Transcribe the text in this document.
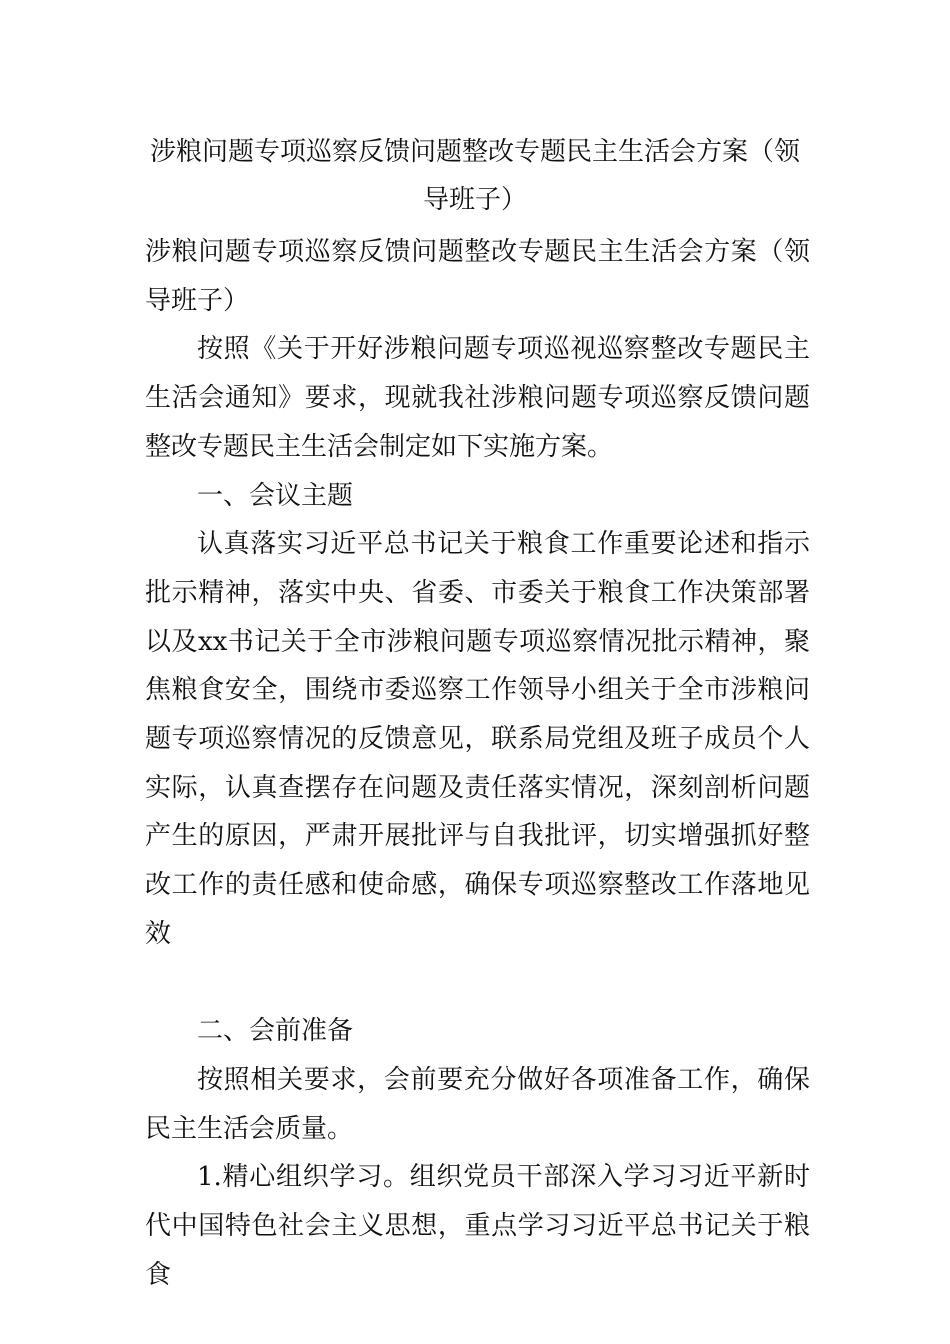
涉粮问题专项巡察反馈问题整改专题民主生活会方案（领导班子）

涉粮问题专项巡察反馈问题整改专题民主生活会方案（领导班子）

按照《关于开好涉粮问题专项巡视巡察整改专题民主生活会通知》要求，现就我社涉粮问题专项巡察反馈问题整改专题民主生活会制定如下实施方案。

一、会议主题

认真落实习近平总书记关于粮食工作重要论述和指示批示精神，落实中央、省委、市委关于粮食工作决策部署以及xx书记关于全市涉粮问题专项巡察情况批示精神，聚焦粮食安全，围绕市委巡察工作领导小组关于全市涉粮问题专项巡察情况的反馈意见，联系局党组及班子成员个人实际，认真查摆存在问题及责任落实情况，深刻剖析问题产生的原因，严肃开展批评与自我批评，切实增强抓好整改工作的责任感和使命感，确保专项巡察整改工作落地见效

二、会前准备

按照相关要求，会前要充分做好各项准备工作，确保民主生活会质量。

1.精心组织学习。组织党员干部深入学习习近平新时代中国特色社会主义思想，重点学习习近平总书记关于粮食
